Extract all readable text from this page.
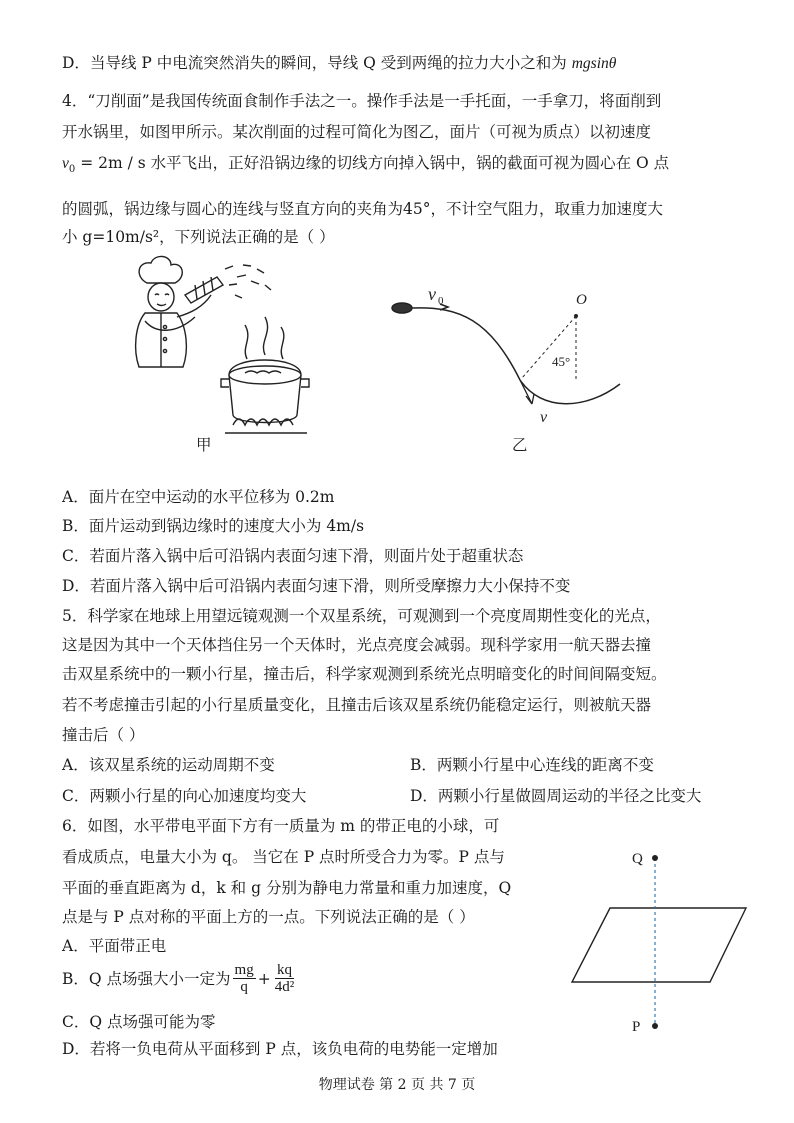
D．当导线 P 中电流突然消失的瞬间，导线 Q 受到两绳的拉力大小之和为 mgsinθ
4．“刀削面”是我国传统面食制作手法之一。操作手法是一手托面，一手拿刀，将面削到
开水锅里，如图甲所示。某次削面的过程可简化为图乙，面片（可视为质点）以初速度
$v_0 = 2m / s$ 水平飞出，正好沿锅边缘的切线方向掉入锅中，锅的截面可视为圆心在 O 点
的圆弧，锅边缘与圆心的连线与竖直方向的夹角为45°，不计空气阻力，取重力加速度大
小 g=10m/s²，下列说法正确的是（ ）
甲
O
45°
v 0
v
乙
A．面片在空中运动的水平位移为 0.2m
B．面片运动到锅边缘时的速度大小为 4m/s
C．若面片落入锅中后可沿锅内表面匀速下滑，则面片处于超重状态
D．若面片落入锅中后可沿锅内表面匀速下滑，则所受摩擦力大小保持不变
5．科学家在地球上用望远镜观测一个双星系统，可观测到一个亮度周期性变化的光点，
这是因为其中一个天体挡住另一个天体时，光点亮度会减弱。现科学家用一航天器去撞
击双星系统中的一颗小行星，撞击后，科学家观测到系统光点明暗变化的时间间隔变短。
若不考虑撞击引起的小行星质量变化，且撞击后该双星系统仍能稳定运行，则被航天器
撞击后（ ）
A．该双星系统的运动周期不变	B．两颗小行星中心连线的距离不变
C．两颗小行星的向心加速度均变大	D．两颗小行星做圆周运动的半径之比变大
6．如图，水平带电平面下方有一质量为 m 的带正电的小球，可
看成质点，电量大小为 q。 当它在 P 点时所受合力为零。P 点与
平面的垂直距离为 d，k 和 g 分别为静电力常量和重力加速度，Q
点是与 P 点对称的平面上方的一点。下列说法正确的是（ ）
A．平面带正电
B．Q 点场强大小一定为 $\frac{mg}{q} + \frac{kq}{\text{4d²}}$
C．Q 点场强可能为零
D．若将一负电荷从平面移到 P 点，该负电荷的电势能一定增加
Q
P
物理试卷 第 2 页 共 7 页
